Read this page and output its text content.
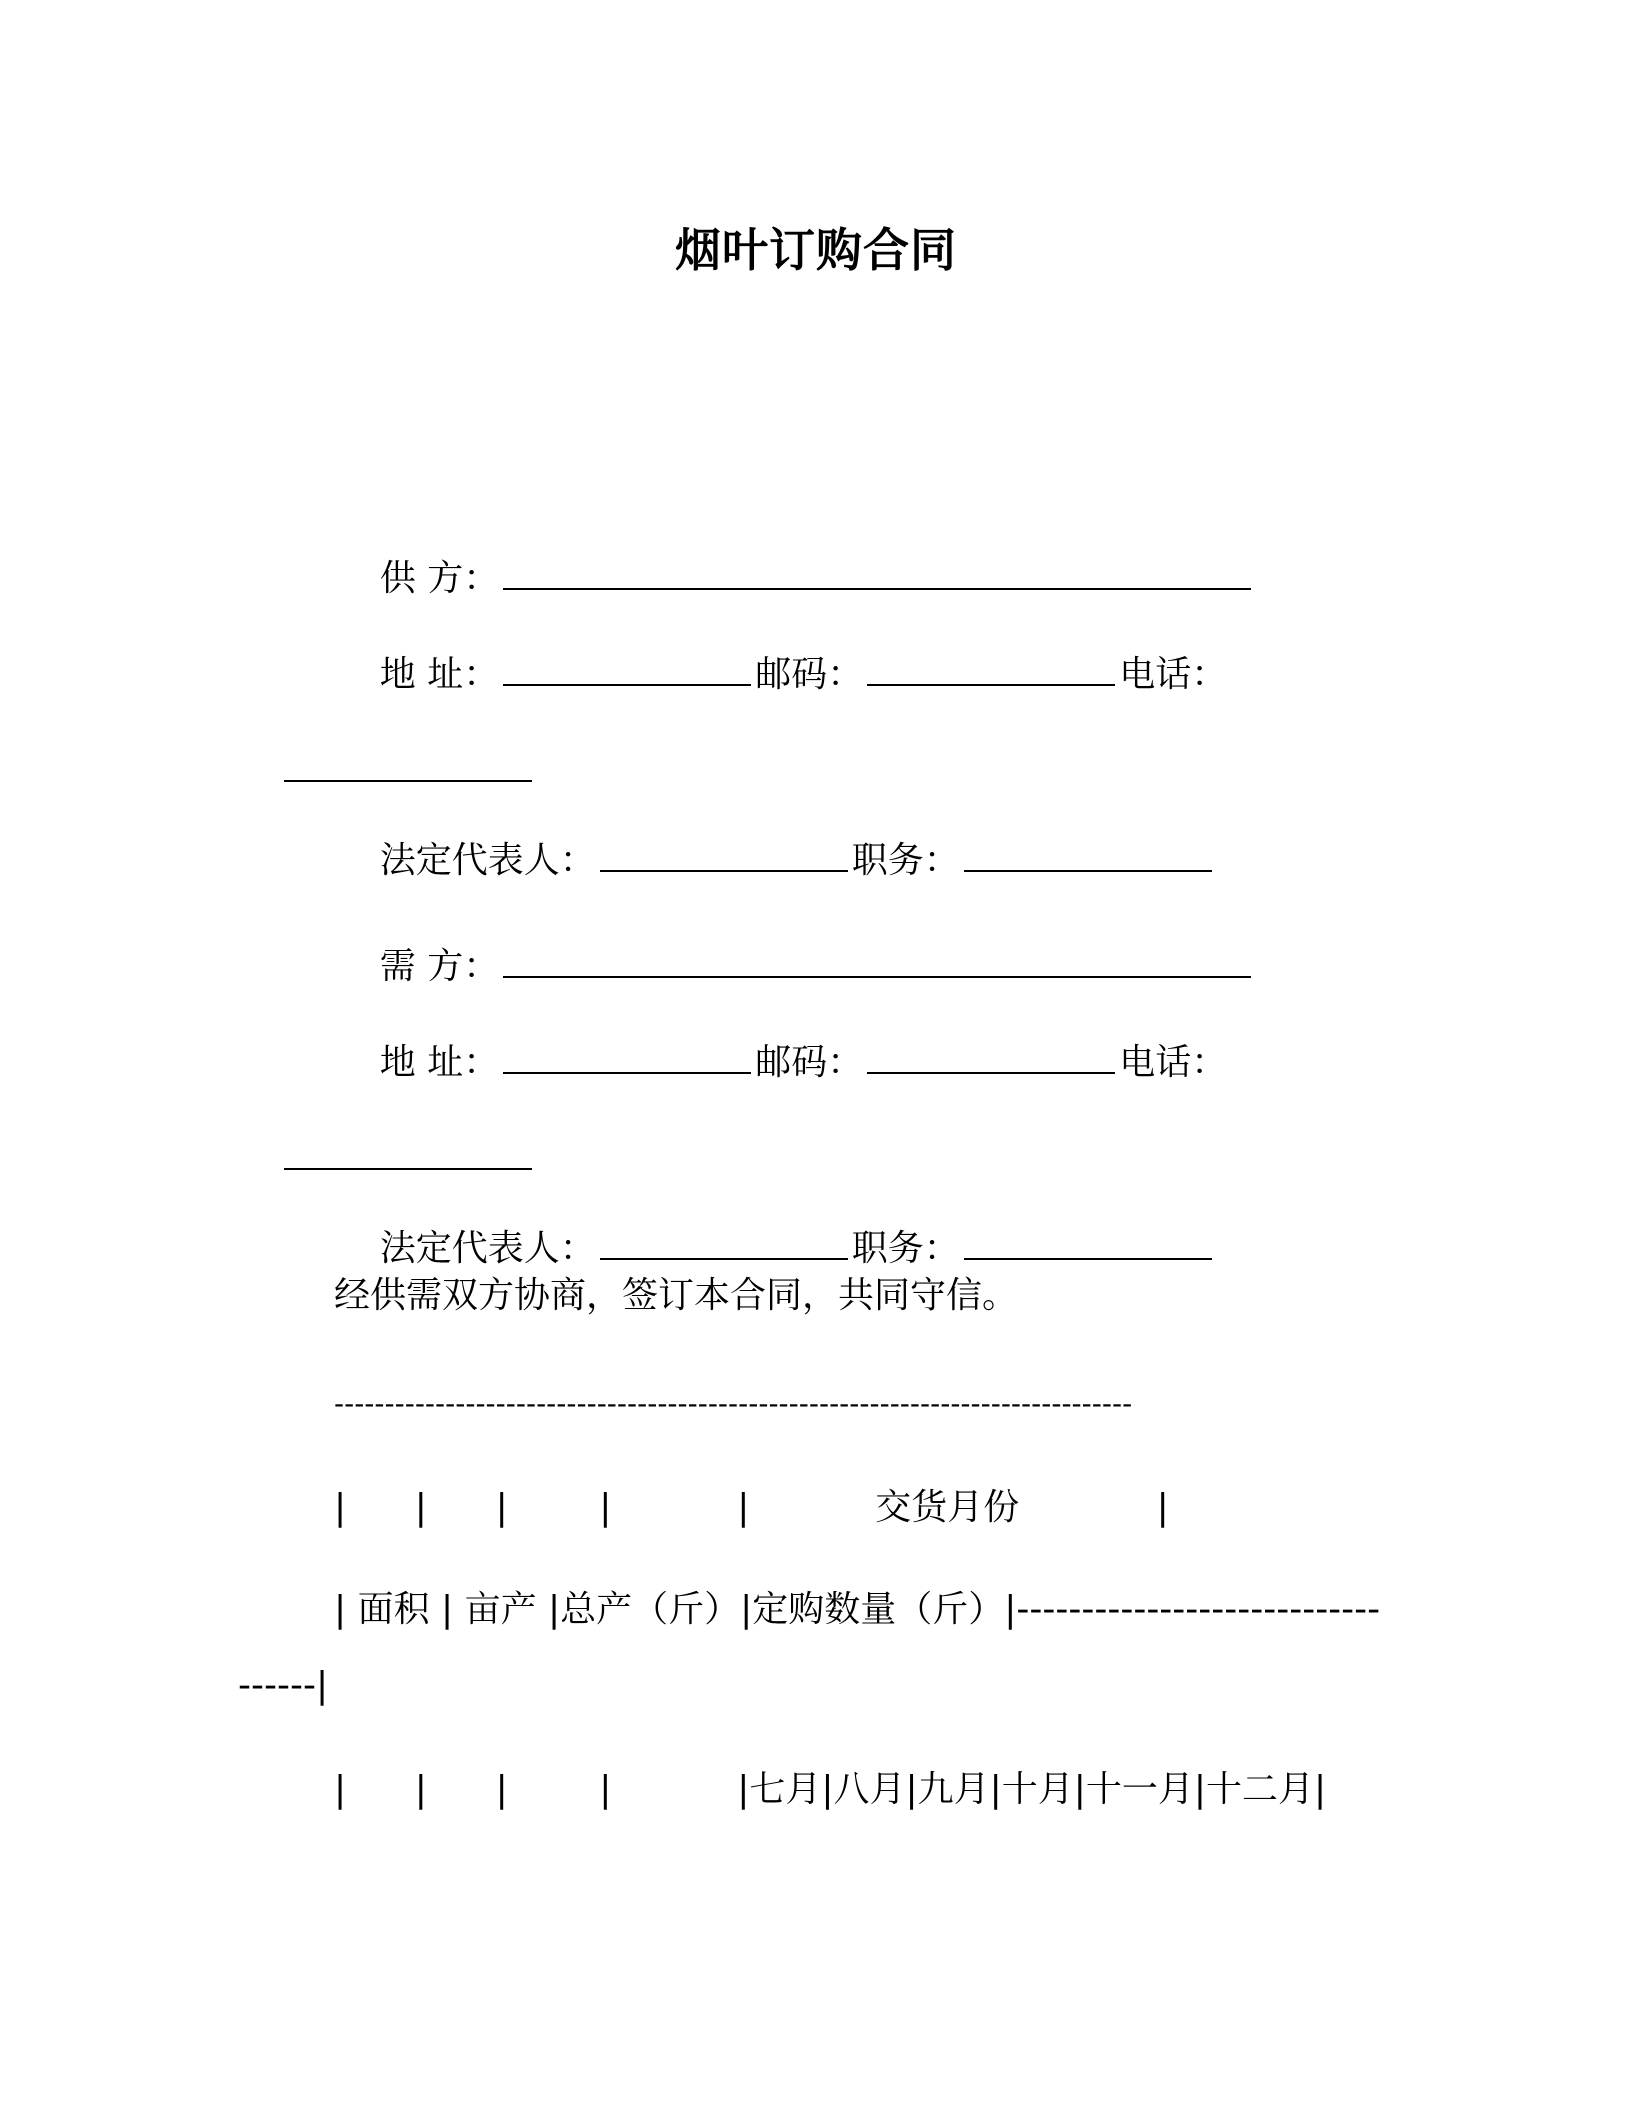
烟叶订购合同

供 方：

地 址：	邮码：	电话：

法定代表人：	职务：

需 方：

地 址：	邮码：	电话：

法定代表人：	职务：

经供需双方协商，签订本合同，共同守信。
-------------------------------------------------------------------------------
|      |      |        |           |           交货月份            |
| 面积 | 亩产 |总产（斤）|定购数量（斤）|----------------------------
------|
|      |      |        |           |七月|八月|九月|十月|十一月|十二月|
